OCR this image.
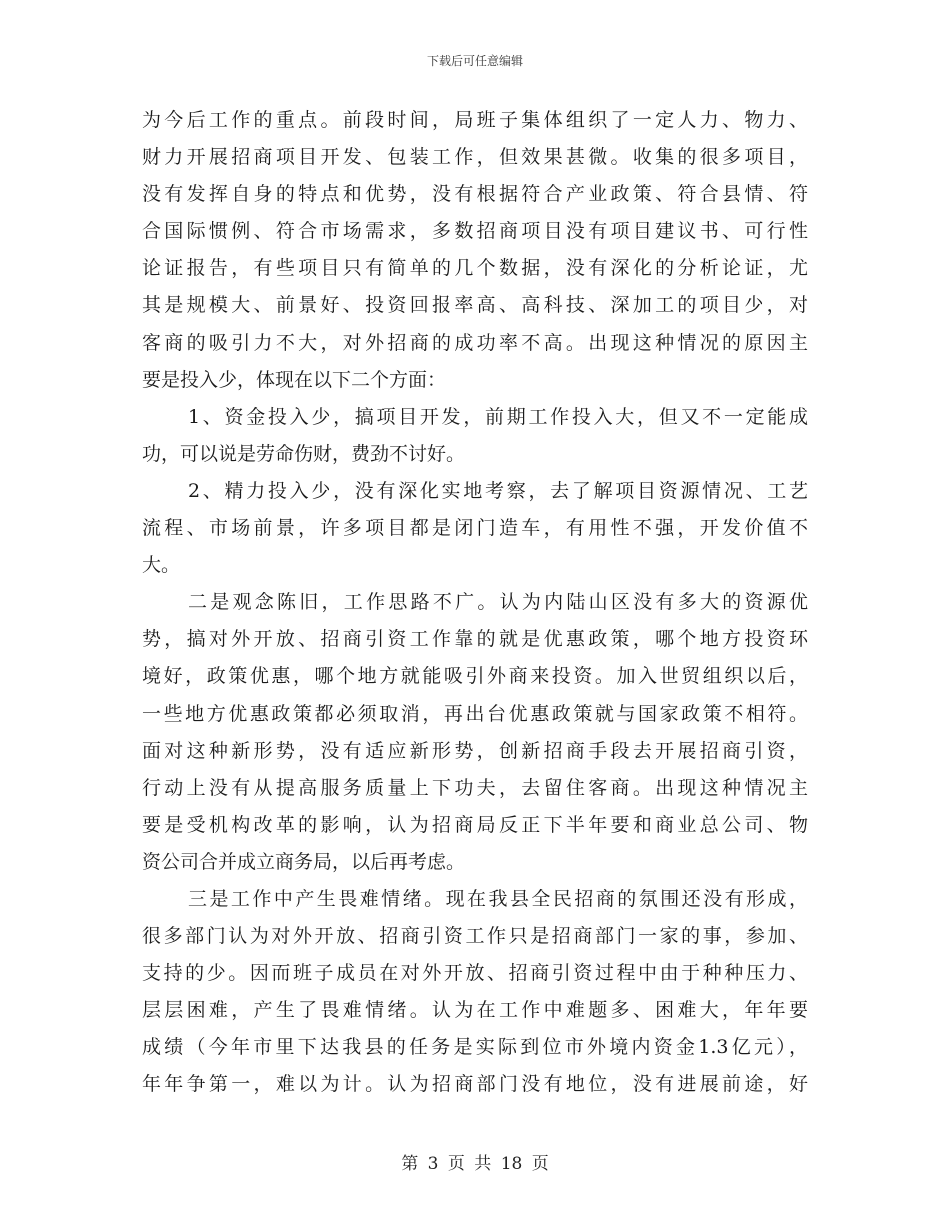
下载后可任意编辑
为今后工作的重点。前段时间，局班子集体组织了一定人力、物力、
财力开展招商项目开发、包装工作，但效果甚微。收集的很多项目，
没有发挥自身的特点和优势，没有根据符合产业政策、符合县情、符
合国际惯例、符合市场需求，多数招商项目没有项目建议书、可行性
论证报告，有些项目只有简单的几个数据，没有深化的分析论证，尤
其是规模大、前景好、投资回报率高、高科技、深加工的项目少，对
客商的吸引力不大，对外招商的成功率不高。出现这种情况的原因主
要是投入少，体现在以下二个方面：
1、资金投入少，搞项目开发，前期工作投入大，但又不一定能成
功，可以说是劳命伤财，费劲不讨好。
2、精力投入少，没有深化实地考察，去了解项目资源情况、工艺
流程、市场前景，许多项目都是闭门造车，有用性不强，开发价值不
大。
二是观念陈旧，工作思路不广。认为内陆山区没有多大的资源优
势，搞对外开放、招商引资工作靠的就是优惠政策，哪个地方投资环
境好，政策优惠，哪个地方就能吸引外商来投资。加入世贸组织以后，
一些地方优惠政策都必须取消，再出台优惠政策就与国家政策不相符。
面对这种新形势，没有适应新形势，创新招商手段去开展招商引资，
行动上没有从提高服务质量上下功夫，去留住客商。出现这种情况主
要是受机构改革的影响，认为招商局反正下半年要和商业总公司、物
资公司合并成立商务局，以后再考虑。
三是工作中产生畏难情绪。现在我县全民招商的氛围还没有形成，
很多部门认为对外开放、招商引资工作只是招商部门一家的事，参加、
支持的少。因而班子成员在对外开放、招商引资过程中由于种种压力、
层层困难，产生了畏难情绪。认为在工作中难题多、困难大，年年要
成绩（今年市里下达我县的任务是实际到位市外境内资金1.3亿元），
年年争第一，难以为计。认为招商部门没有地位，没有进展前途，好
第 3 页 共 18 页
